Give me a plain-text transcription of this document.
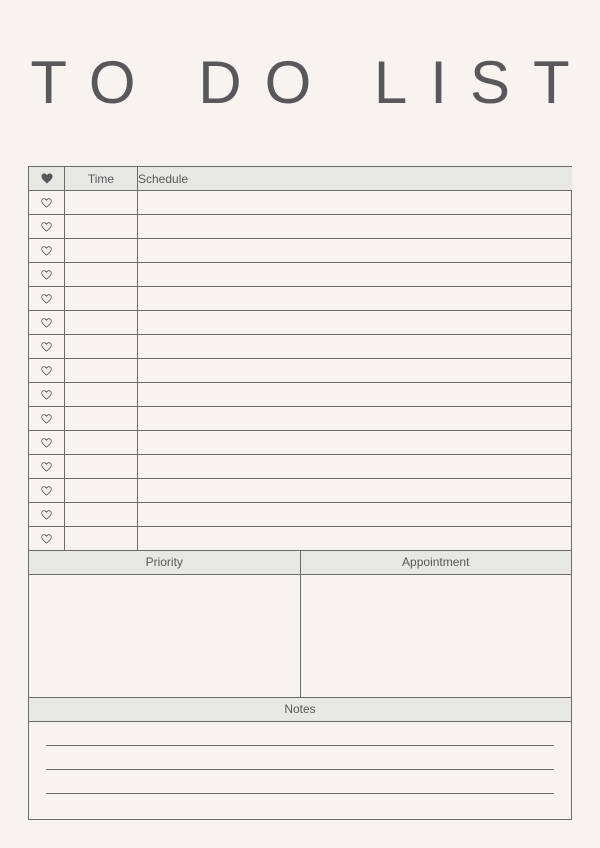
TO DO LIST
	Time	Schedule

Priority	Appointment
Notes
